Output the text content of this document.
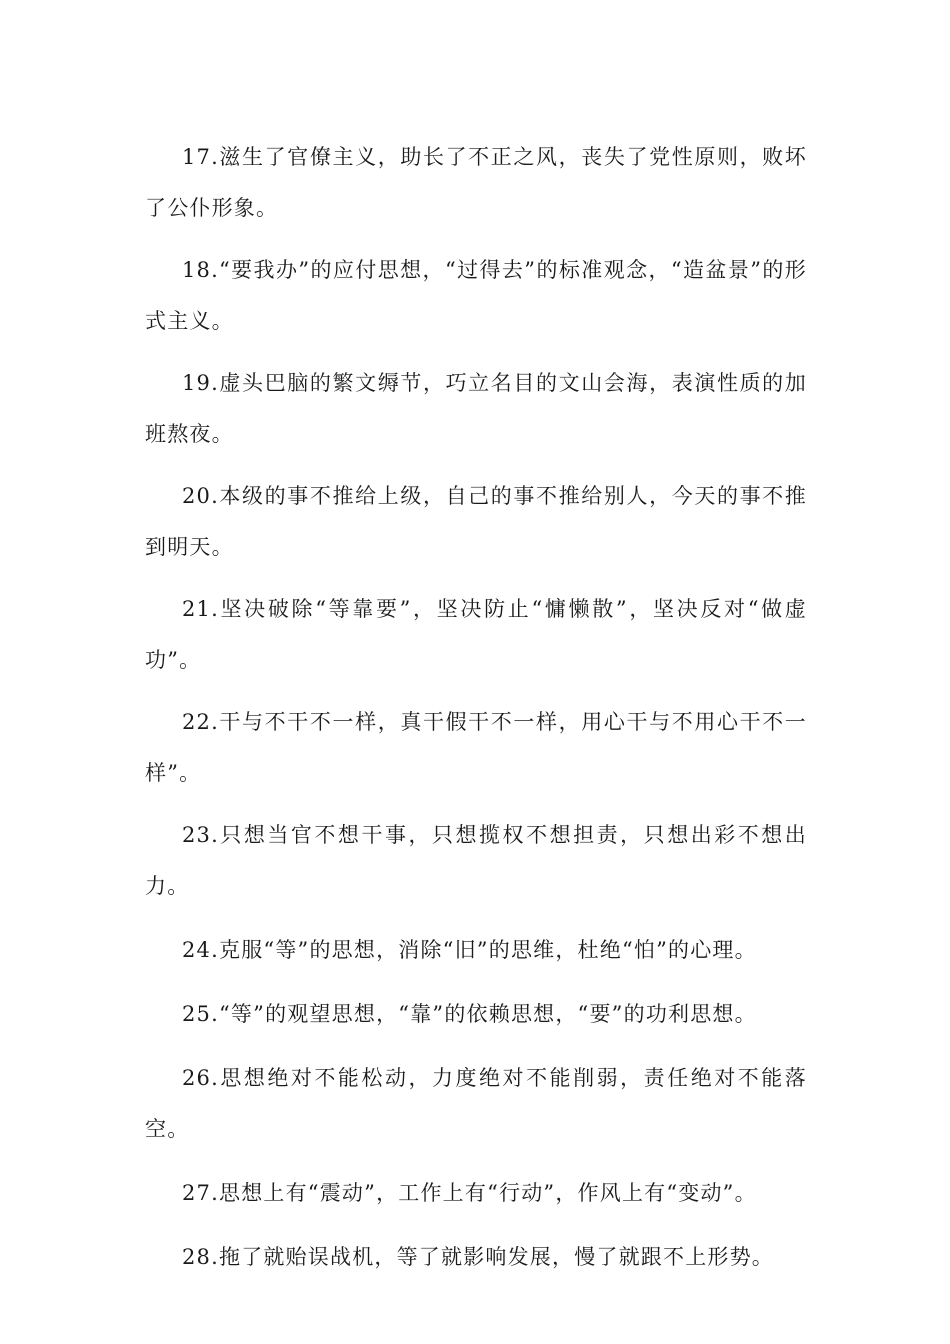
17.滋生了官僚主义，助长了不正之风，丧失了党性原则，败坏了公仆形象。

18.“要我办”的应付思想，“过得去”的标准观念，“造盆景”的形式主义。

19.虚头巴脑的繁文缛节，巧立名目的文山会海，表演性质的加班熬夜。

20.本级的事不推给上级，自己的事不推给别人，今天的事不推到明天。

21.坚决破除“等靠要”，坚决防止“慵懒散”，坚决反对“做虚功”。

22.干与不干不一样，真干假干不一样，用心干与不用心干不一样”。

23.只想当官不想干事，只想揽权不想担责，只想出彩不想出力。

24.克服“等”的思想，消除“旧”的思维，杜绝“怕”的心理。

25.“等”的观望思想，“靠”的依赖思想，“要”的功利思想。

26.思想绝对不能松动，力度绝对不能削弱，责任绝对不能落空。

27.思想上有“震动”，工作上有“行动”，作风上有“变动”。

28.拖了就贻误战机，等了就影响发展，慢了就跟不上形势。
